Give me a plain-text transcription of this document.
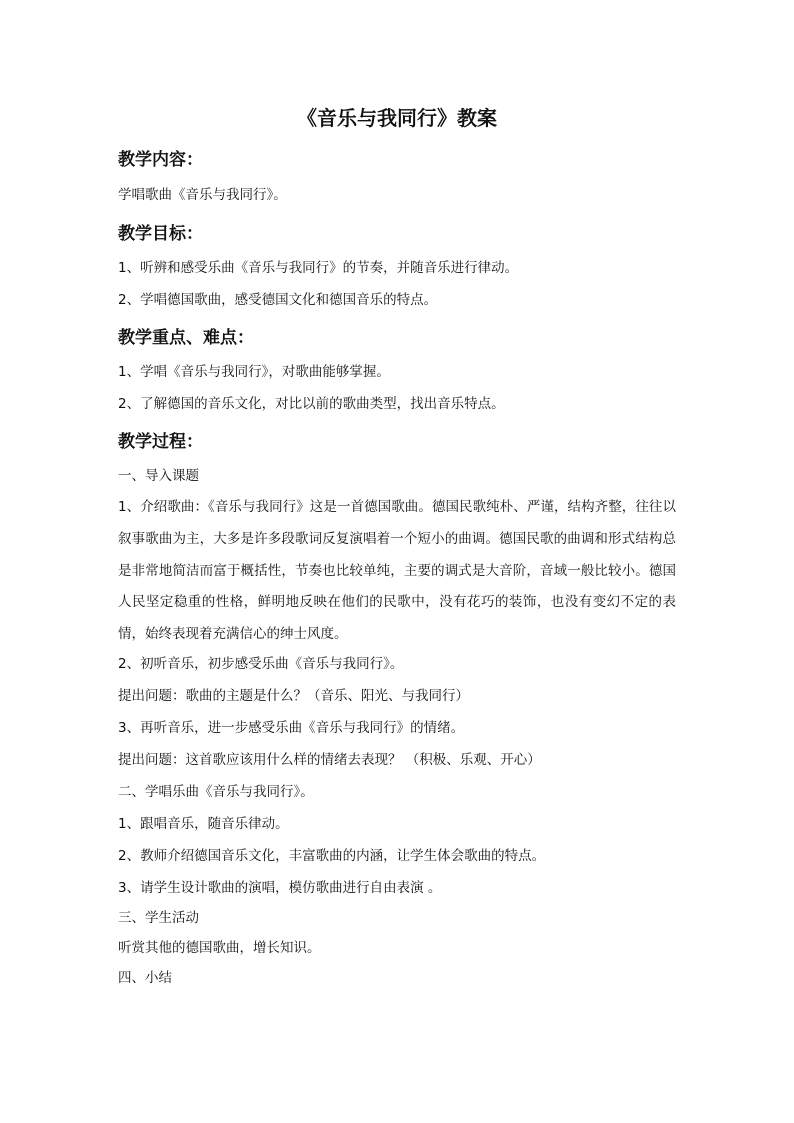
《音乐与我同行》教案
教学内容：
学唱歌曲《音乐与我同行》。
教学目标：
1、听辨和感受乐曲《音乐与我同行》的节奏，并随音乐进行律动。
2、学唱德国歌曲，感受德国文化和德国音乐的特点。
教学重点、难点：
1、学唱《音乐与我同行》，对歌曲能够掌握。
2、了解德国的音乐文化，对比以前的歌曲类型，找出音乐特点。
教学过程：
一、导入课题
1、介绍歌曲：《音乐与我同行》这是一首德国歌曲。德国民歌纯朴、严谨，结构齐整，往往以叙事歌曲为主，大多是许多段歌词反复演唱着一个短小的曲调。德国民歌的曲调和形式结构总是非常地简洁而富于概括性，节奏也比较单纯，主要的调式是大音阶，音域一般比较小。德国人民坚定稳重的性格，鲜明地反映在他们的民歌中，没有花巧的装饰，也没有变幻不定的表情，始终表现着充满信心的绅士风度。
2、初听音乐，初步感受乐曲《音乐与我同行》。
提出问题：歌曲的主题是什么？（音乐、阳光、与我同行）
3、再听音乐，进一步感受乐曲《音乐与我同行》的情绪。
提出问题：这首歌应该用什么样的情绪去表现？ （积极、乐观、开心）
二、学唱乐曲《音乐与我同行》。
1、跟唱音乐，随音乐律动。
2、教师介绍德国音乐文化，丰富歌曲的内涵，让学生体会歌曲的特点。
3、请学生设计歌曲的演唱，模仿歌曲进行自由表演 。
三、学生活动
听赏其他的德国歌曲，增长知识。
四、小结
